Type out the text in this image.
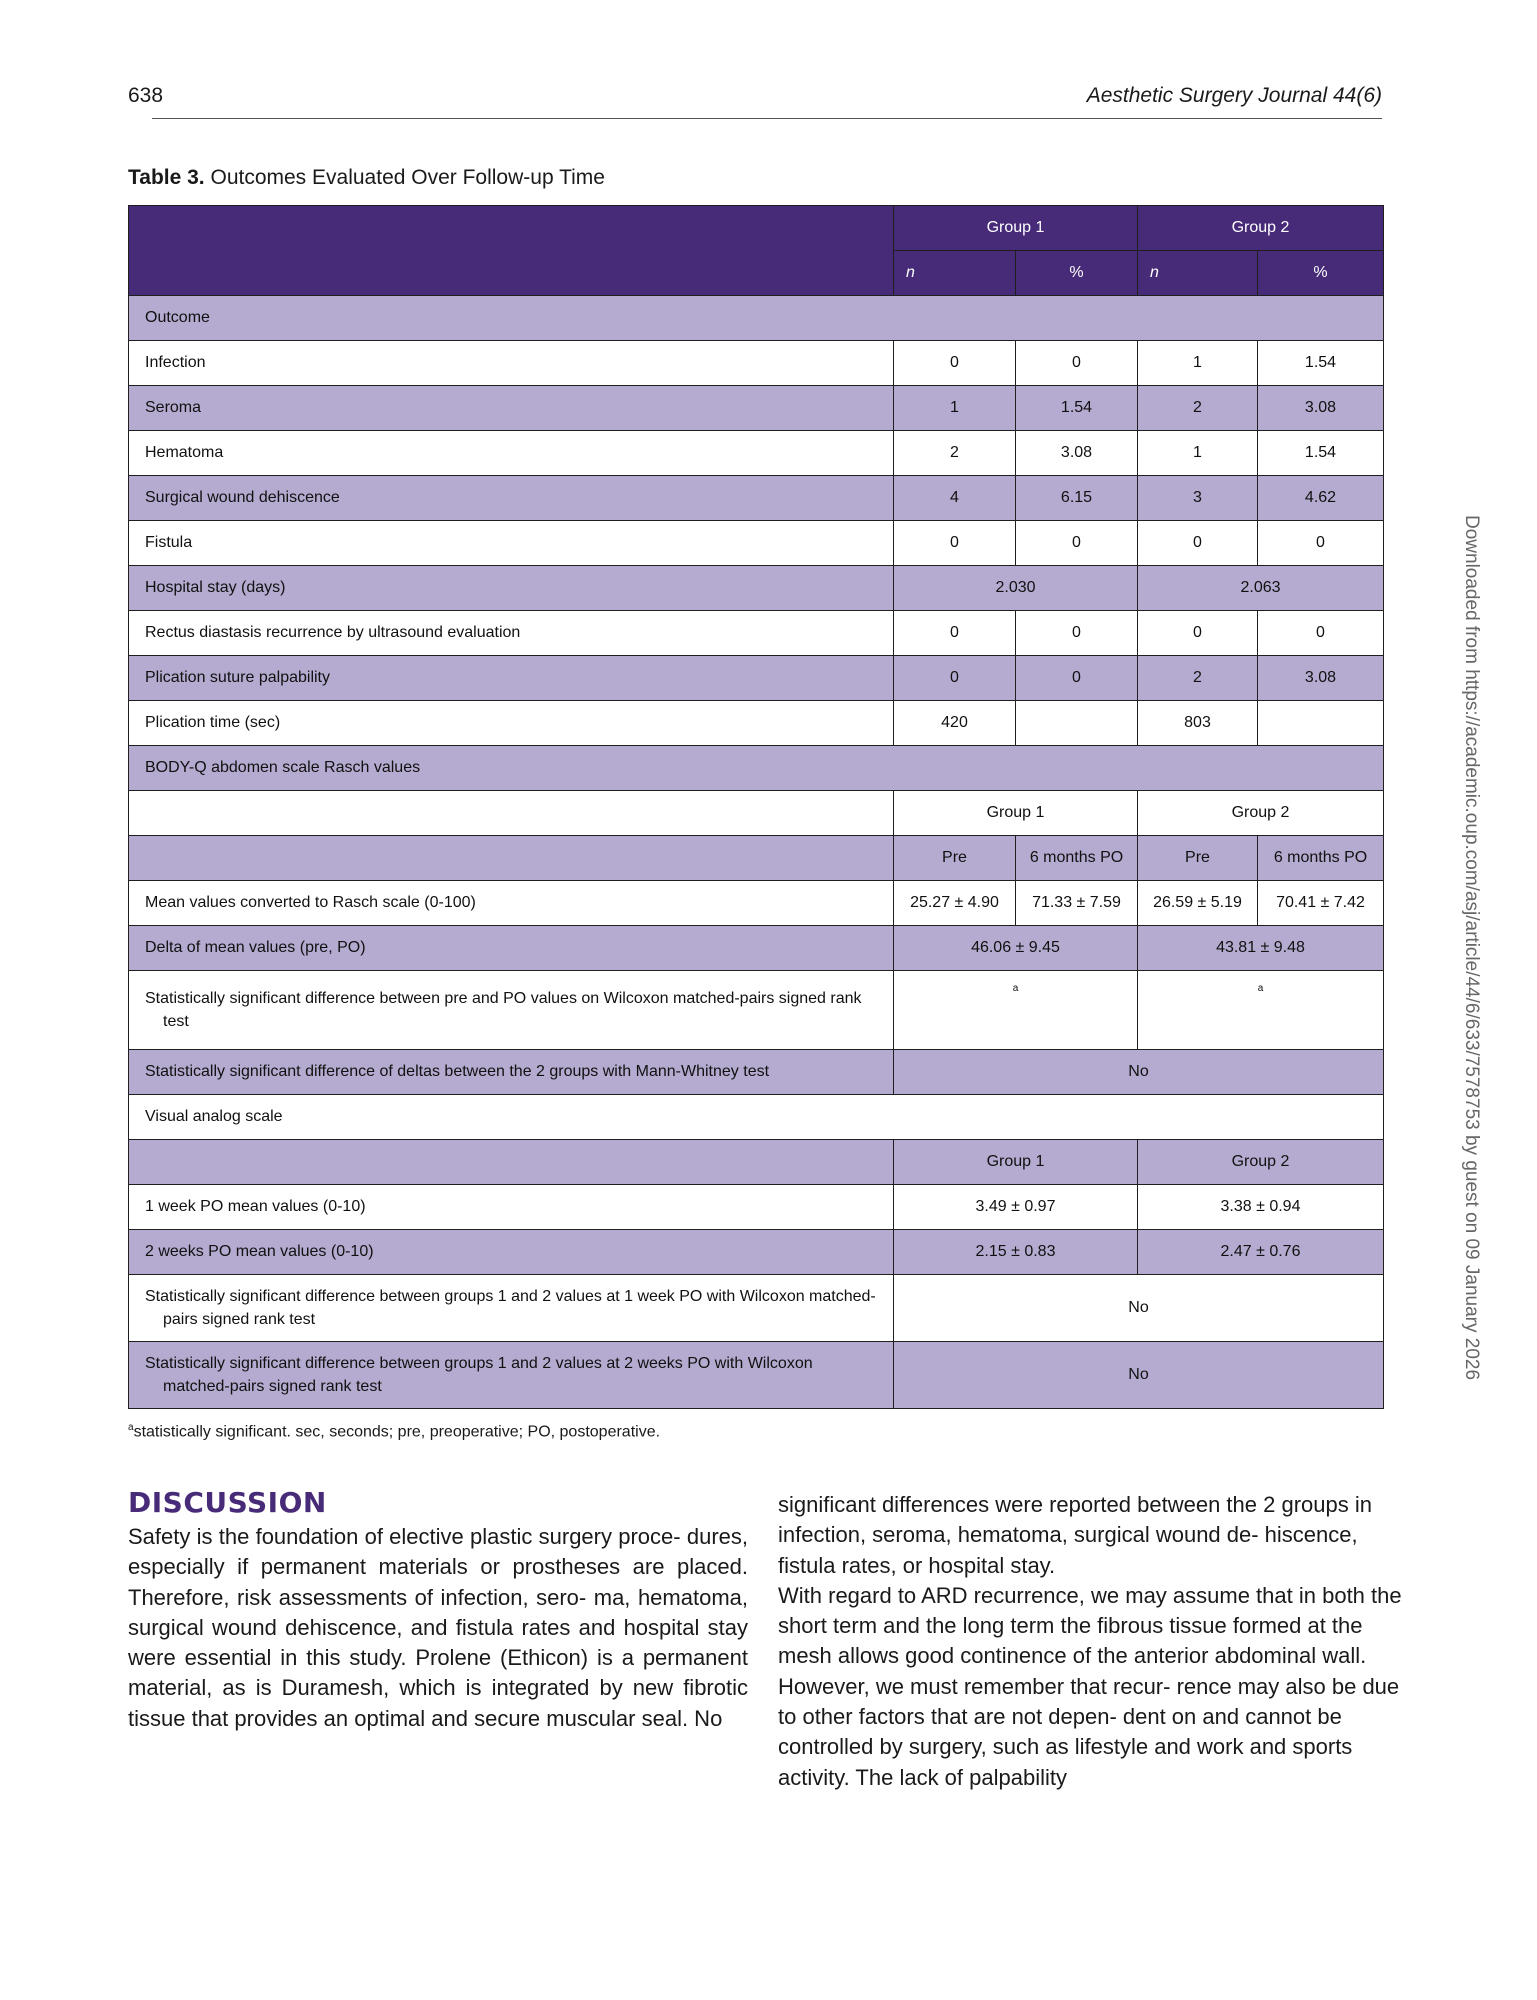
638	Aesthetic Surgery Journal 44(6)
Table 3. Outcomes Evaluated Over Follow-up Time
	Group 1		Group 2	
	n	%	n	%
Outcome				
Infection	0	0	1	1.54
Seroma	1	1.54	2	3.08
Hematoma	2	3.08	1	1.54
Surgical wound dehiscence	4	6.15	3	4.62
Fistula	0	0	0	0
Hospital stay (days)	2.030		2.063	
Rectus diastasis recurrence by ultrasound evaluation	0	0	0	0
Plication suture palpability	0	0	2	3.08
Plication time (sec)	420		803	
BODY-Q abdomen scale Rasch values				
	Group 1		Group 2	
	Pre	6 months PO	Pre	6 months PO
Mean values converted to Rasch scale (0-100)	25.27 ± 4.90	71.33 ± 7.59	26.59 ± 5.19	70.41 ± 7.42
Delta of mean values (pre, PO)	46.06 ± 9.45		43.81 ± 9.48	

Statistically significant difference between pre and PO values on Wilcoxon matched-pairs signed rank test	$^a$		$^a$
Statistically significant difference of deltas between the 2 groups with Mann-Whitney test	No			
Visual analog scale				
	Group 1		Group 2	
1 week PO mean values (0-10)	3.49 ± 0.97		3.38 ± 0.94	
2 weeks PO mean values (0-10)	2.15 ± 0.83		2.47 ± 0.76	

Statistically significant difference between groups 1 and 2 values at 1 week PO with Wilcoxon matched-pairs signed rank test	No			

Statistically significant difference between groups 1 and 2 values at 2 weeks PO with Wilcoxon matched-pairs signed rank test	No			
$^a$statistically significant. sec, seconds; pre, preoperative; PO, postoperative.
DISCUSSION

Safety is the foundation of elective plastic surgery proce- dures, especially if permanent materials or prostheses are placed. Therefore, risk assessments of infection, sero- ma, hematoma, surgical wound dehiscence, and fistula rates and hospital stay were essential in this study. Prolene (Ethicon) is a permanent material, as is Duramesh, which is integrated by new fibrotic tissue that provides an optimal and secure muscular seal. No

significant differences were reported between the 2 groups in infection, seroma, hematoma, surgical wound de- hiscence, fistula rates, or hospital stay.

With regard to ARD recurrence, we may assume that in both the short term and the long term the fibrous tissue formed at the mesh allows good continence of the anterior abdominal wall. However, we must remember that recur- rence may also be due to other factors that are not depen- dent on and cannot be controlled by surgery, such as lifestyle and work and sports activity. The lack of palpability

Downloaded from https://academic.oup.com/asj/article/44/6/633/7578753 by guest on 09 January 2026
